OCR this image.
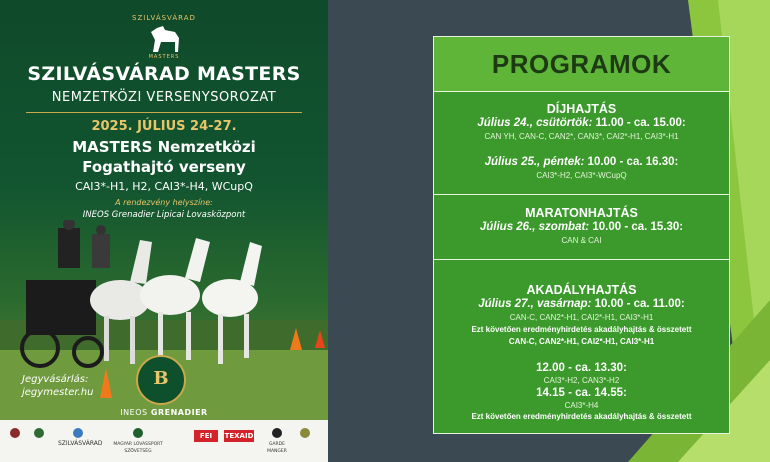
SZILVÁSVÁRAD
MASTERS
SZILVÁSVÁRAD MASTERS
NEMZETKÖZI VERSENYSOROZAT
2025. JÚLIUS 24-27.
MASTERS Nemzetközi
Fogathajtó verseny
CAI3*-H1, H2, CAI3*-H4, WCupQ
A rendezvény helyszíne:
INEOS Grenadier Lipicai Lovasközpont
Jegyvásárlás:
jegymester.hu
B
INEOS GRENADIER
SZILVÁSVÁRAD	MAGYAR LOVASSPORT SZÖVETSÉG
FEI	TEXAID
GARDE MANGER
PROGRAMOK
DÍJHAJTÁS
Július 24., csütörtök: 11.00 - ca. 15.00:
CAN YH, CAN-C, CAN2*, CAN3*, CAI2*-H1, CAI3*-H1
Július 25., péntek: 10.00 - ca. 16.30:
CAI3*-H2, CAI3*-WCupQ
MARATONHAJTÁS
Július 26., szombat: 10.00 - ca. 15.30:
CAN & CAI
AKADÁLYHAJTÁS
Július 27., vasárnap: 10.00 - ca. 11.00:
CAN-C, CAN2*-H1, CAI2*-H1, CAI3*-H1
Ezt követően eredményhirdetés akadályhajtás & összetett
CAN-C, CAN2*-H1, CAI2*-H1, CAI3*-H1
12.00 - ca. 13.30:
CAI3*-H2, CAN3*-H2
14.15 - ca. 14.55:
CAI3*-H4
Ezt követően eredményhirdetés akadályhajtás & összetett
